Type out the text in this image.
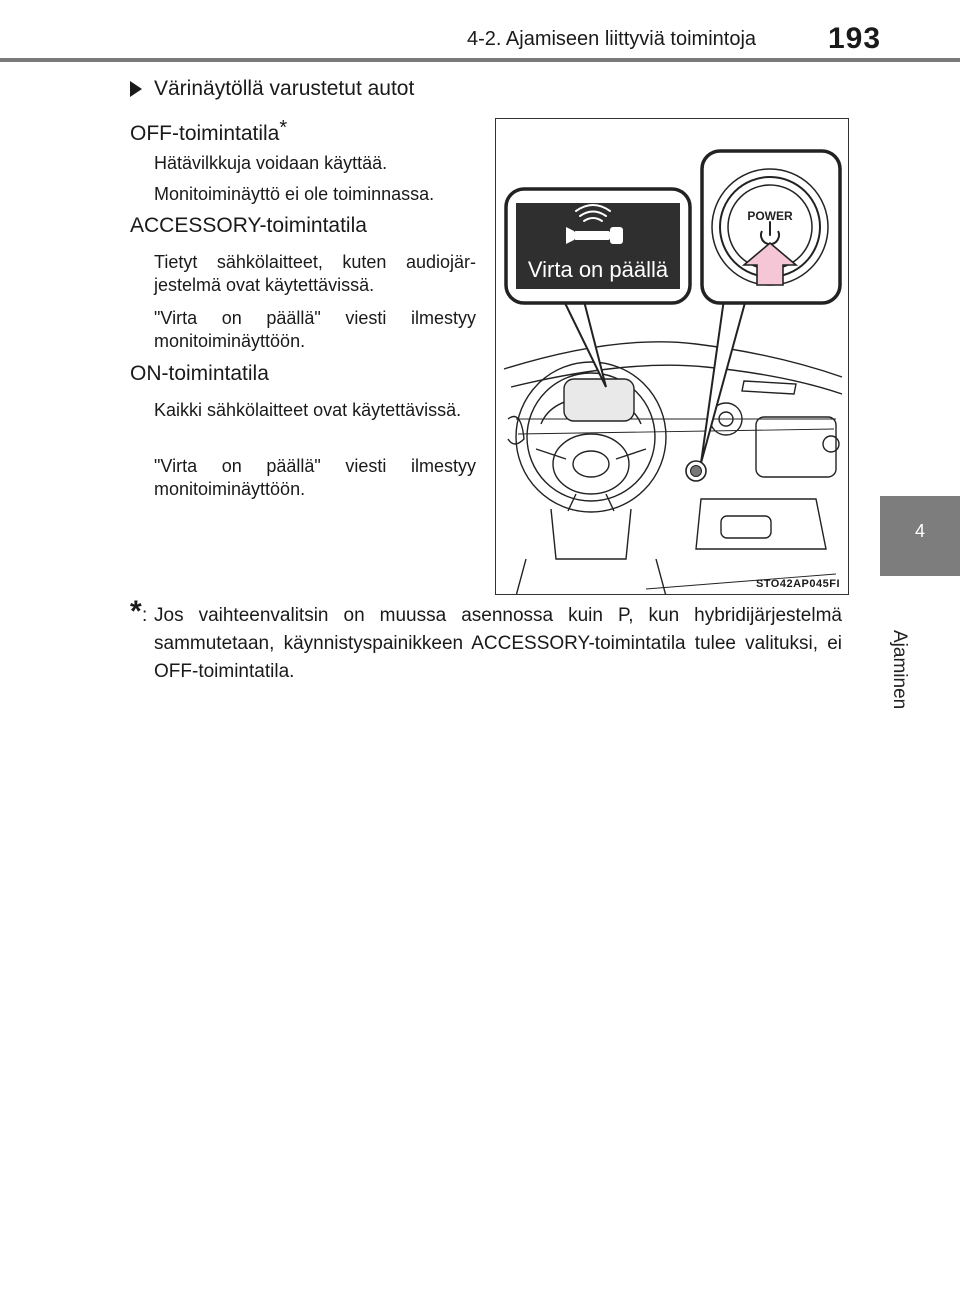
4-2. Ajamiseen liittyviä toimintoja 193
4
Ajaminen
Värinäytöllä varustetut autot
OFF-toimintatila*
Hätävilkkuja voidaan käyttää.
Monitoiminäyttö ei ole toiminnassa.
ACCESSORY-toimintatila
Tietyt sähkölaitteet, kuten audiojärjestelmä ovat käytettävissä.
"Virta on päällä" viesti ilmestyy monitoiminäyttöön.
ON-toimintatila
Kaikki sähkölaitteet ovat käytettävissä.
"Virta on päällä" viesti ilmestyy monitoiminäyttöön.
Virta on päällä
POWER
STO42AP045FI
* : Jos vaihteenvalitsin on muussa asennossa kuin P, kun hybridijärjestelmä sammutetaan, käynnistyspainikkeen ACCESSORY-toimintatila tulee valituksi, ei OFF-toimintatila.
